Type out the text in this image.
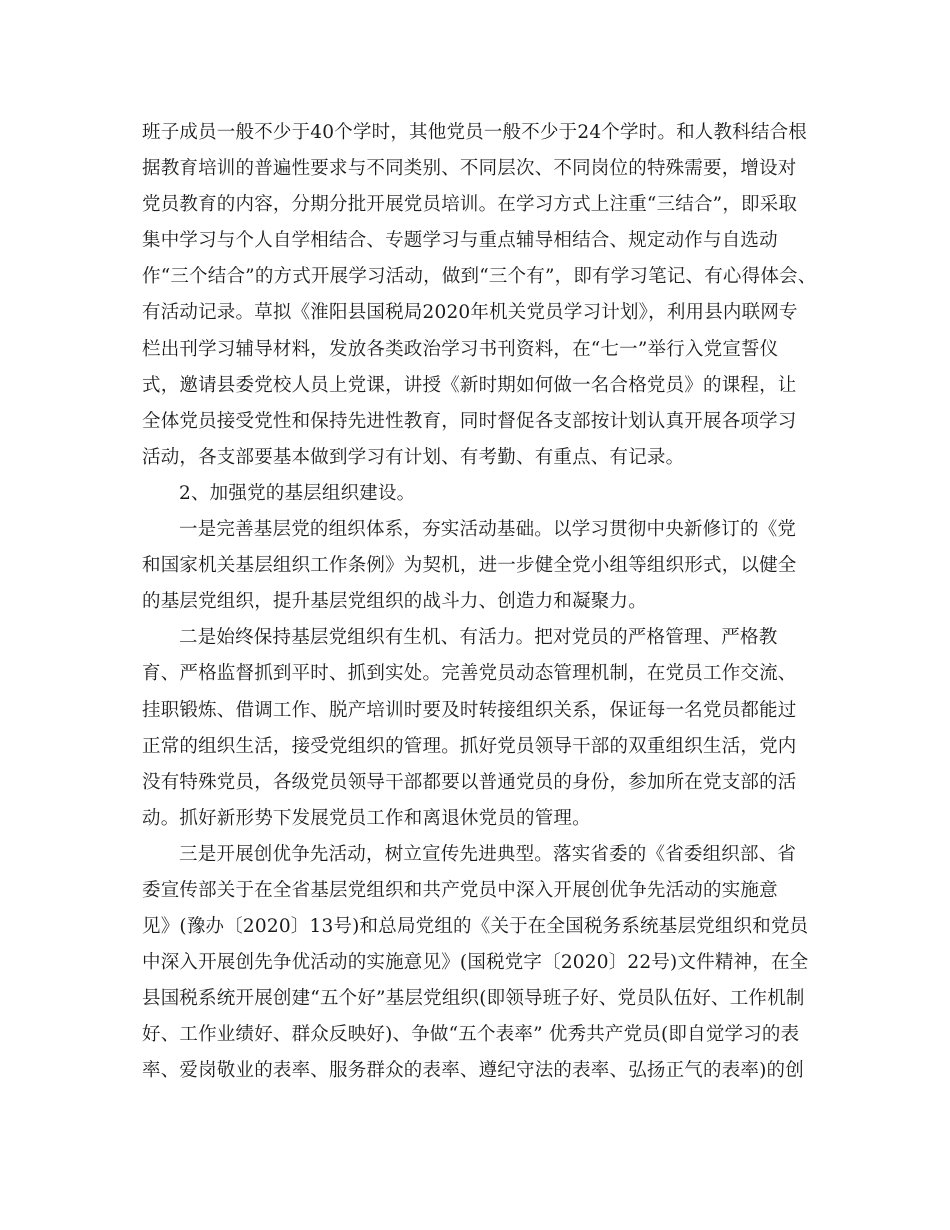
班子成员一般不少于40个学时，其他党员一般不少于24个学时。和人教科结合根
据教育培训的普遍性要求与不同类别、不同层次、不同岗位的特殊需要，增设对
党员教育的内容，分期分批开展党员培训。在学习方式上注重“三结合”，即采取
集中学习与个人自学相结合、专题学习与重点辅导相结合、规定动作与自选动
作“三个结合”的方式开展学习活动，做到“三个有”，即有学习笔记、有心得体会、
有活动记录。草拟《淮阳县国税局2020年机关党员学习计划》，利用县内联网专
栏出刊学习辅导材料，发放各类政治学习书刊资料，在“七一”举行入党宣誓仪
式，邀请县委党校人员上党课，讲授《新时期如何做一名合格党员》的课程，让
全体党员接受党性和保持先进性教育，同时督促各支部按计划认真开展各项学习
活动，各支部要基本做到学习有计划、有考勤、有重点、有记录。
2、加强党的基层组织建设。
一是完善基层党的组织体系，夯实活动基础。以学习贯彻中央新修订的《党
和国家机关基层组织工作条例》为契机，进一步健全党小组等组织形式，以健全
的基层党组织，提升基层党组织的战斗力、创造力和凝聚力。
二是始终保持基层党组织有生机、有活力。把对党员的严格管理、严格教
育、严格监督抓到平时、抓到实处。完善党员动态管理机制，在党员工作交流、
挂职锻炼、借调工作、脱产培训时要及时转接组织关系，保证每一名党员都能过
正常的组织生活，接受党组织的管理。抓好党员领导干部的双重组织生活，党内
没有特殊党员，各级党员领导干部都要以普通党员的身份，参加所在党支部的活
动。抓好新形势下发展党员工作和离退休党员的管理。
三是开展创优争先活动，树立宣传先进典型。落实省委的《省委组织部、省
委宣传部关于在全省基层党组织和共产党员中深入开展创优争先活动的实施意
见》(豫办〔2020〕13号)和总局党组的《关于在全国税务系统基层党组织和党员
中深入开展创先争优活动的实施意见》(国税党字〔2020〕22号)文件精神，在全
县国税系统开展创建“五个好”基层党组织(即领导班子好、党员队伍好、工作机制
好、工作业绩好、群众反映好)、争做“五个表率” 优秀共产党员(即自觉学习的表
率、爱岗敬业的表率、服务群众的表率、遵纪守法的表率、弘扬正气的表率)的创
